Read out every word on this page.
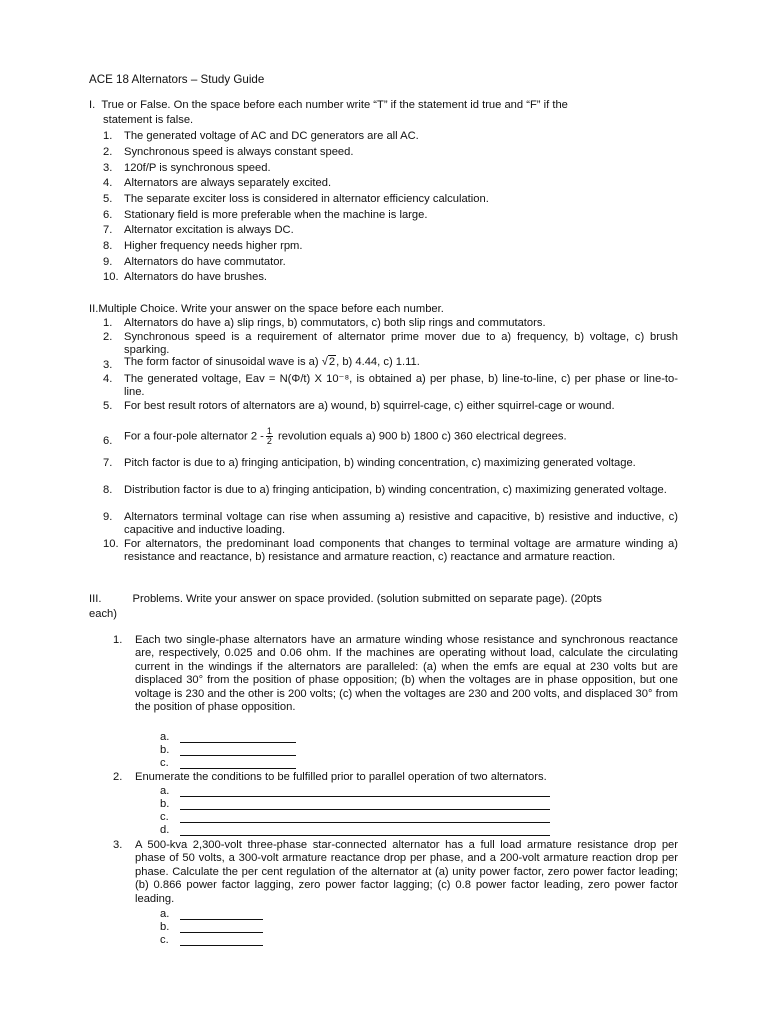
ACE 18 Alternators – Study Guide
I. True or False. On the space before each number write “T” if the statement id true and “F” if the
statement is false.
1. The generated voltage of AC and DC generators are all AC.
2. Synchronous speed is always constant speed.
3. 120f/P is synchronous speed.
4. Alternators are always separately excited.
5. The separate exciter loss is considered in alternator efficiency calculation.
6. Stationary field is more preferable when the machine is large.
7. Alternator excitation is always DC.
8. Higher frequency needs higher rpm.
9. Alternators do have commutator.
10. Alternators do have brushes.
II.Multiple Choice. Write your answer on the space before each number.
1. Alternators do have a) slip rings, b) commutators, c) both slip rings and commutators.
2. Synchronous speed is a requirement of alternator prime mover due to a) frequency, b) voltage, c) brush sparking.
3. The form factor of sinusoidal wave is a) √2, b) 4.44, c) 1.11.
4. The generated voltage, Eav = N(Φ/t) X 10⁻⁸, is obtained a) per phase, b) line-to-line, c) per phase or line-to-line.
5. For best result rotors of alternators are a) wound, b) squirrel-cage, c) either squirrel-cage or wound.
6. For a four-pole alternator $2 - \frac{1}{2}$ revolution equals a) 900 b) 1800 c) 360 electrical degrees.
7. Pitch factor is due to a) fringing anticipation, b) winding concentration, c) maximizing generated voltage.
8. Distribution factor is due to a) fringing anticipation, b) winding concentration, c) maximizing generated voltage.
9. Alternators terminal voltage can rise when assuming a) resistive and capacitive, b) resistive and inductive, c) capacitive and inductive loading.
10. For alternators, the predominant load components that changes to terminal voltage are armature winding a) resistance and reactance, b) resistance and armature reaction, c) reactance and armature reaction.
III.	Problems. Write your answer on space provided. (solution submitted on separate page). (20pts
each)
1. Each two single-phase alternators have an armature winding whose resistance and synchronous reactance are, respectively, 0.025 and 0.06 ohm. If the machines are operating without load, calculate the circulating current in the windings if the alternators are paralleled: (a) when the emfs are equal at 230 volts but are displaced 30° from the position of phase opposition; (b) when the voltages are in phase opposition, but one voltage is 230 and the other is 200 volts; (c) when the voltages are 230 and 200 volts, and displaced 30° from the position of phase opposition.
a.
b.
c.
2. Enumerate the conditions to be fulfilled prior to parallel operation of two alternators.
a.
b.
c.
d.
3. A 500-kva 2,300-volt three-phase star-connected alternator has a full load armature resistance drop per phase of 50 volts, a 300-volt armature reactance drop per phase, and a 200-volt armature reaction drop per phase. Calculate the per cent regulation of the alternator at (a) unity power factor, zero power factor leading; (b) 0.866 power factor lagging, zero power factor lagging; (c) 0.8 power factor leading, zero power factor leading.
a.
b.
c.
